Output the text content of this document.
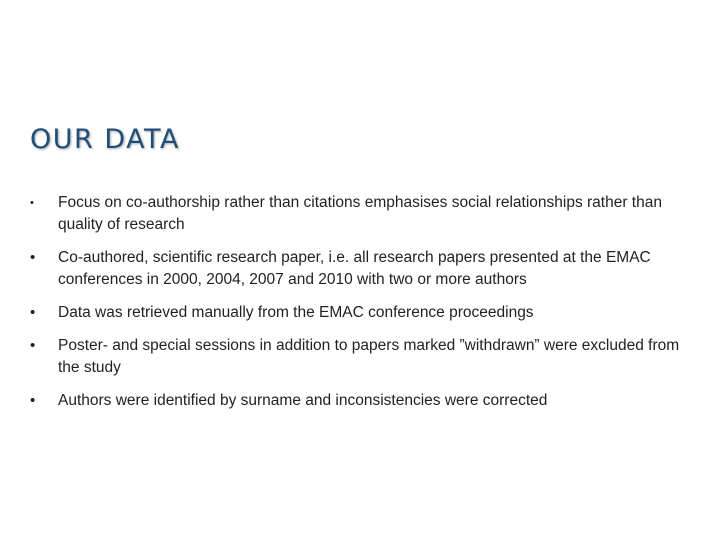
OUR DATA
•	Focus on co-authorship rather than citations emphasises social relationships rather than quality of research
•	Co-authored, scientific research paper, i.e. all research papers presented at the EMAC conferences in 2000, 2004, 2007 and 2010 with two or more authors
•	Data was retrieved manually from the EMAC conference proceedings
•	Poster- and special sessions in addition to papers marked ”withdrawn” were excluded from the study
•	Authors were identified by surname and inconsistencies were corrected
